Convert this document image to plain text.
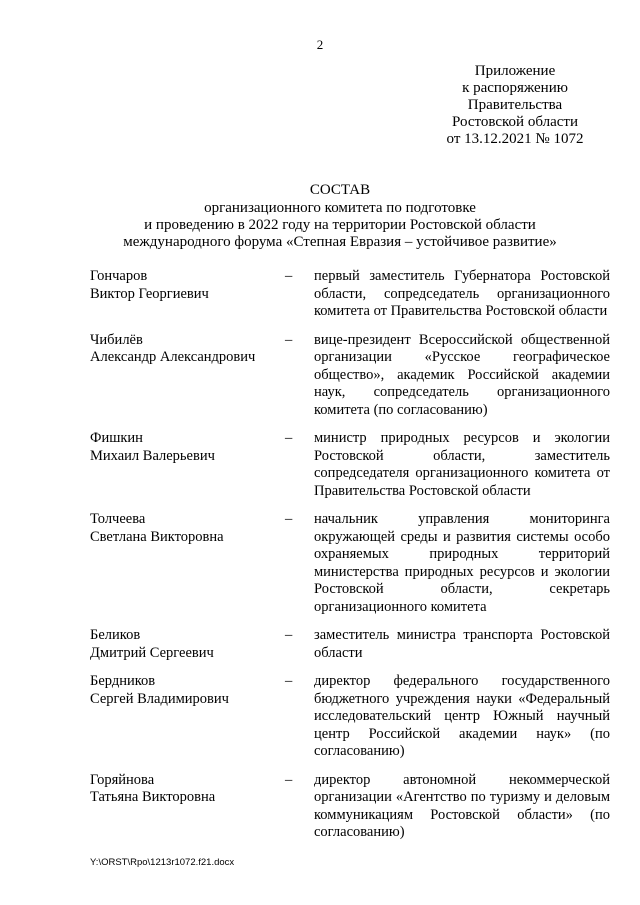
2
Приложение
к распоряжению
Правительства
Ростовской области
от 13.12.2021 № 1072
СОСТАВ
организационного комитета по подготовке
и проведению в 2022 году на территории Ростовской области
международного форума «Степная Евразия – устойчивое развитие»
Гончаров
Виктор Георгиевич
–	первый заместитель Губернатора Ростовской области, сопредседатель организационного комитета от Правительства Ростовской области
Чибилёв
Александр Александрович
–	вице-президент Всероссийской общественной организации «Русское географическое общество», академик Российской академии наук, сопредседатель организационного комитета (по согласованию)
Фишкин
Михаил Валерьевич
–	министр природных ресурсов и экологии Ростовской области, заместитель сопредседателя организационного комитета от Правительства Ростовской области
Толчеева
Светлана Викторовна
–	начальник управления мониторинга окружающей среды и развития системы особо охраняемых природных территорий министерства природных ресурсов и экологии Ростовской области, секретарь организационного комитета
Беликов
Дмитрий Сергеевич
–	заместитель министра транспорта Ростовской области
Бердников
Сергей Владимирович
–	директор федерального государственного бюджетного учреждения науки «Федеральный исследовательский центр Южный научный центр Российской академии наук» (по согласованию)
Горяйнова
Татьяна Викторовна
–	директор автономной некоммерческой организации «Агентство по туризму и деловым коммуникациям Ростовской области» (по согласованию)
Y:\ORST\Rpo\1213r1072.f21.docx
